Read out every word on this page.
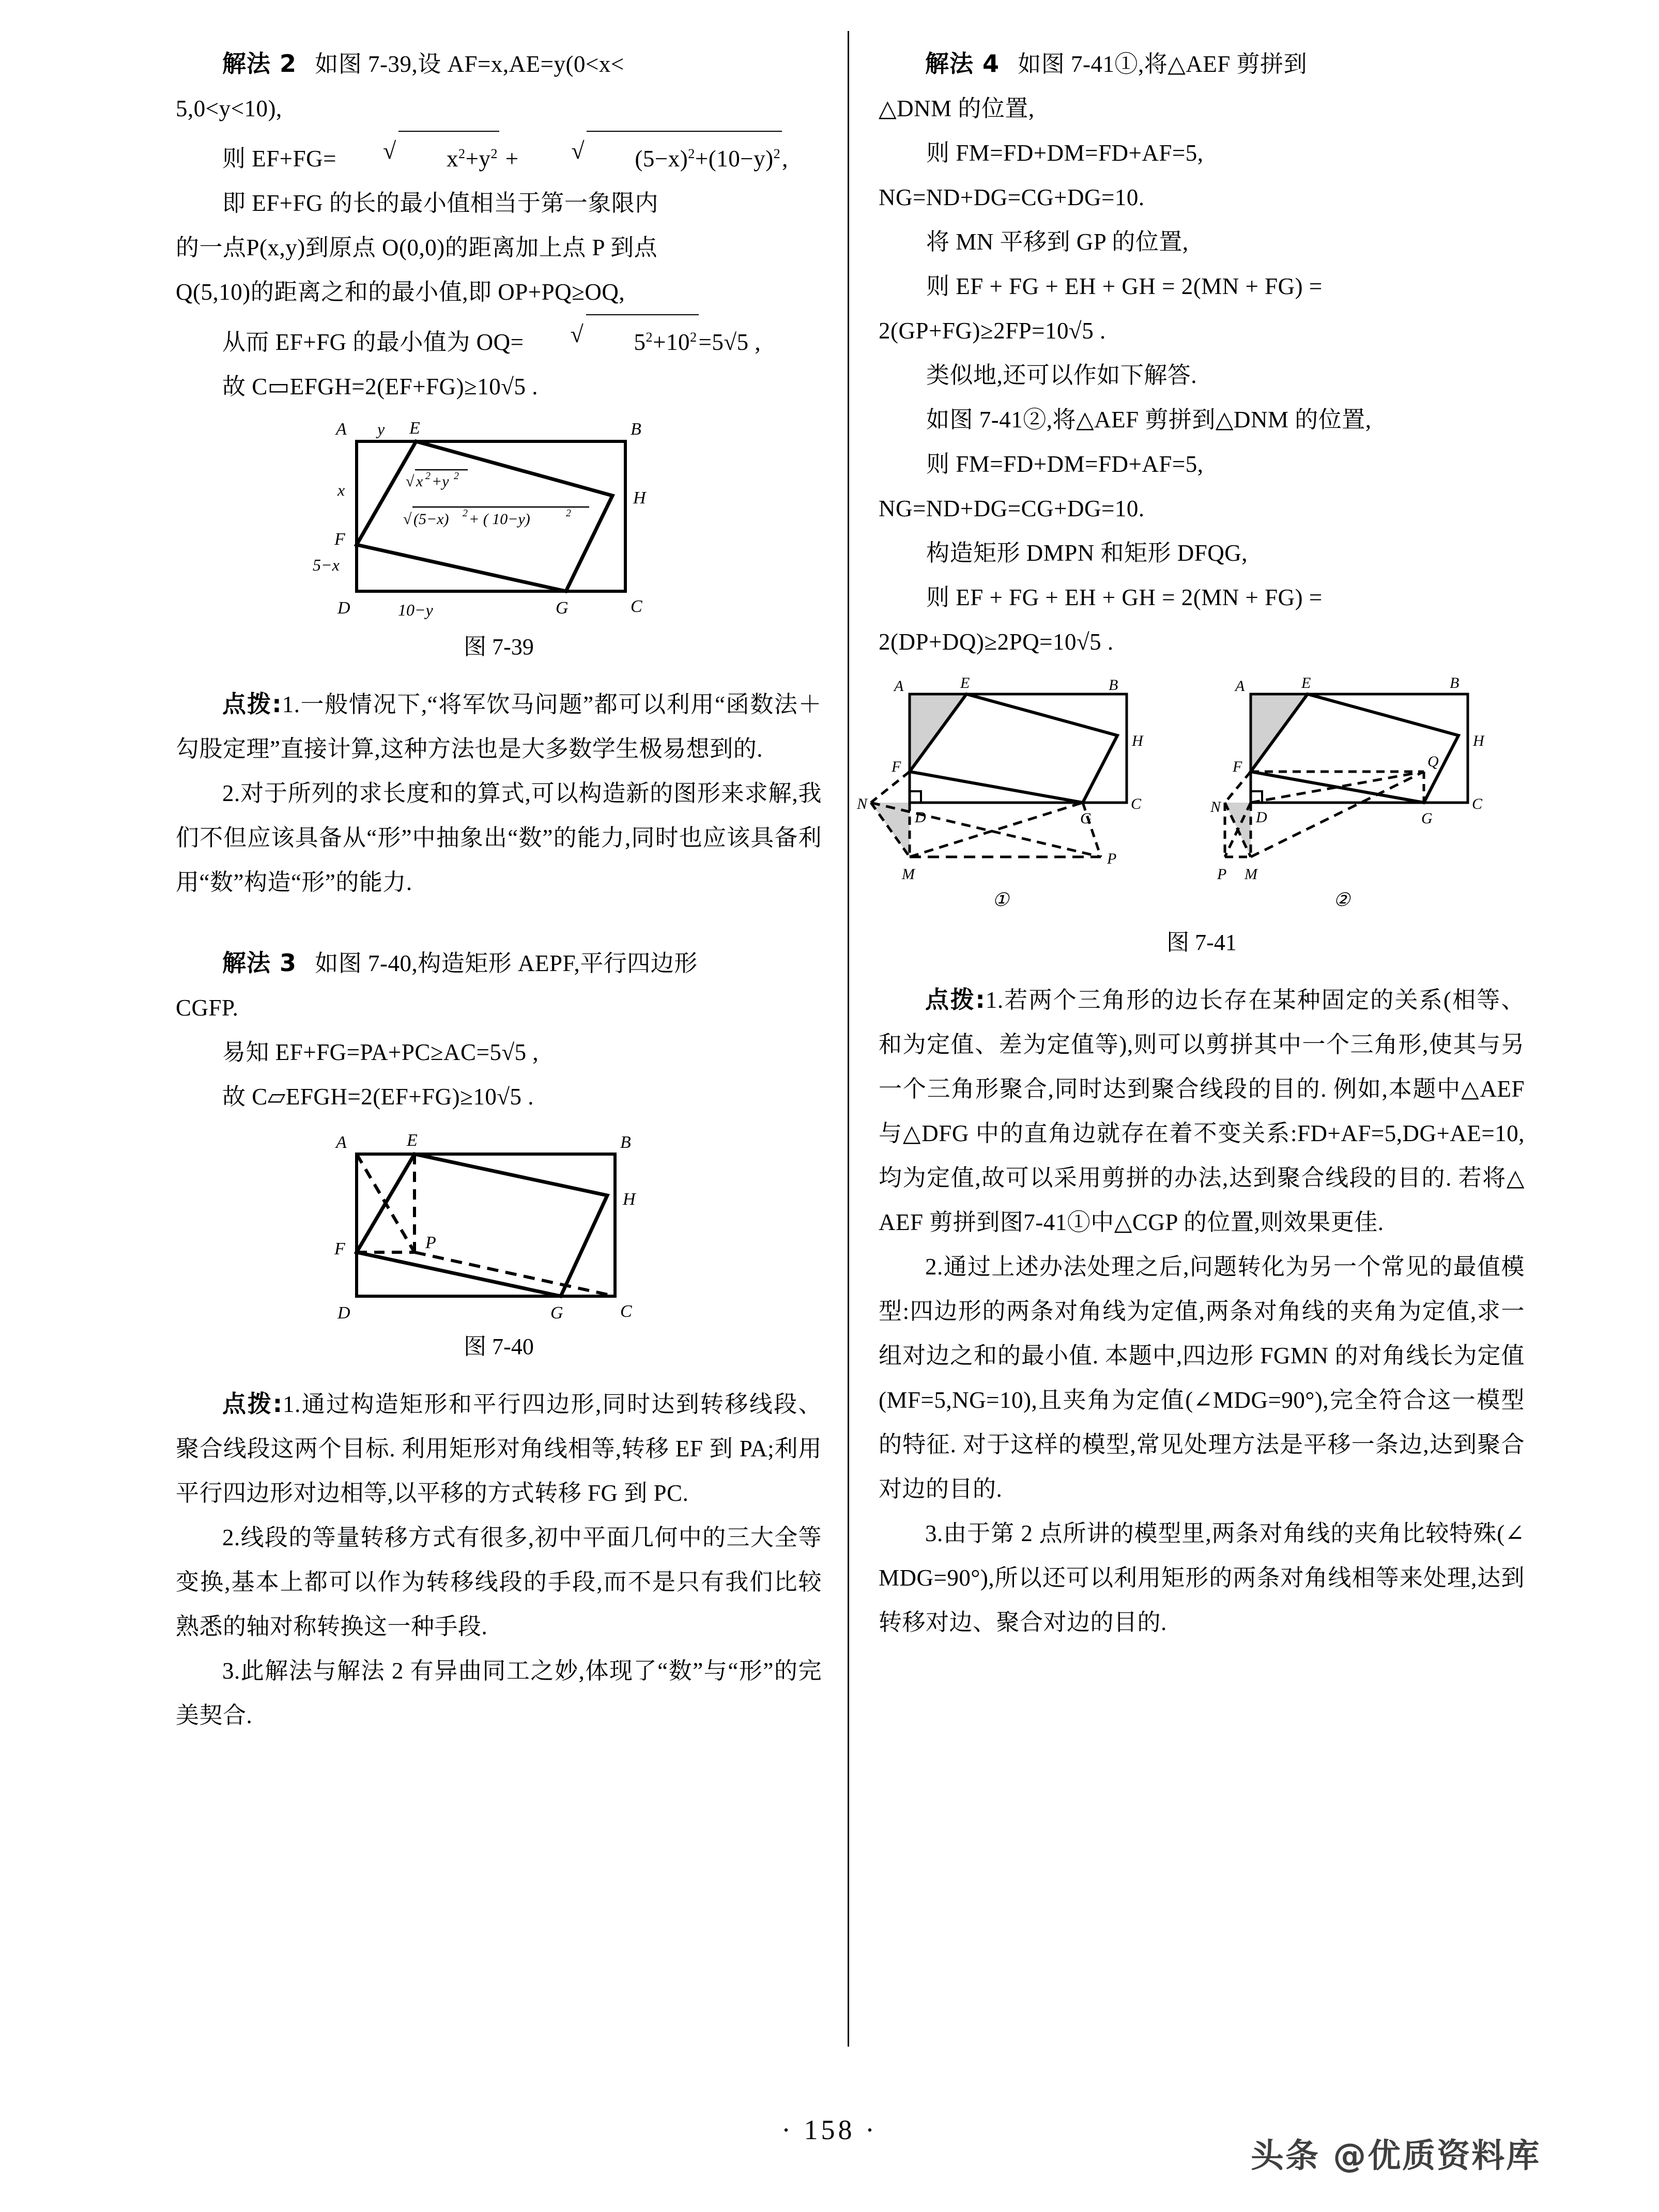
解法 2 如图 7-39,设 AF=x,AE=y(0<x<

5,0<y<10),

则 EF+FG=	√ $x^2+y^2$ +	√ $(5-x)^2+(10-y)^2$,

即 EF+FG 的长的最小值相当于第一象限内

的一点P(x,y)到原点 O(0,0)的距离加上点 P 到点

Q(5,10)的距离之和的最小值,即 OP+PQ≥OQ,

从而 EF+FG 的最小值为 OQ=	√ $5^2+10^2=5√5$ ,

故 C▭EFGH=2(EF+FG)≥10√5 .

A	B
C
D
E
F
G
H
y
x
5−x
10−y
√ x 2 +y 2
√ (5−x) 2 + ( 10−y)	2
图 7-39

点拨:1.一般情况下,“将军饮马问题”都可以利用“函数法＋勾股定理”直接计算,这种方法也是大多数学生极易想到的.

2.对于所列的求长度和的算式,可以构造新的图形来求解,我们不但应该具备从“形”中抽象出“数”的能力,同时也应该具备利用“数”构造“形”的能力.

解法 3 如图 7-40,构造矩形 AEPF,平行四边形

CGFP.

易知 EF+FG=PA+PC≥AC=5√5 ,

故 C▱EFGH=2(EF+FG)≥10√5 .

A	B
C
D
E
F
G
H
P
图 7-40

点拨:1.通过构造矩形和平行四边形,同时达到转移线段、聚合线段这两个目标. 利用矩形对角线相等,转移 EF 到 PA;利用平行四边形对边相等,以平移的方式转移 FG 到 PC.

2.线段的等量转移方式有很多,初中平面几何中的三大全等变换,基本上都可以作为转移线段的手段,而不是只有我们比较熟悉的轴对称转换这一种手段.

3.此解法与解法 2 有异曲同工之妙,体现了“数”与“形”的完美契合.

解法 4 如图 7-41①,将△AEF 剪拼到

△DNM 的位置,

则 FM=FD+DM=FD+AF=5,

NG=ND+DG=CG+DG=10.

将 MN 平移到 GP 的位置,

则 EF + FG + EH + GH = 2(MN + FG) =

2(GP+FG)≥2FP=10√5 .

类似地,还可以作如下解答.

如图 7-41②,将△AEF 剪拼到△DNM 的位置,

则 FM=FD+DM=FD+AF=5,

NG=ND+DG=CG+DG=10.

构造矩形 DMPN 和矩形 DFQG,

则 EF + FG + EH + GH = 2(MN + FG) =

2(DP+DQ)≥2PQ=10√5 .

A	B
C
D
E
F
G
H
M
N
P
①
A	B
C
D
E
F
G
H
M
N
P
Q
②
图 7-41

点拨:1.若两个三角形的边长存在某种固定的关系(相等、和为定值、差为定值等),则可以剪拼其中一个三角形,使其与另一个三角形聚合,同时达到聚合线段的目的. 例如,本题中△AEF 与△DFG 中的直角边就存在着不变关系:FD+AF=5,DG+AE=10,均为定值,故可以采用剪拼的办法,达到聚合线段的目的. 若将△AEF 剪拼到图7-41①中△CGP 的位置,则效果更佳.

2.通过上述办法处理之后,问题转化为另一个常见的最值模型:四边形的两条对角线为定值,两条对角线的夹角为定值,求一组对边之和的最小值. 本题中,四边形 FGMN 的对角线长为定值(MF=5,NG=10),且夹角为定值(∠MDG=90°),完全符合这一模型的特征. 对于这样的模型,常见处理方法是平移一条边,达到聚合对边的目的.

3.由于第 2 点所讲的模型里,两条对角线的夹角比较特殊(∠MDG=90°),所以还可以利用矩形的两条对角线相等来处理,达到转移对边、聚合对边的目的.

· 158 ·
头条 @优质资料库
